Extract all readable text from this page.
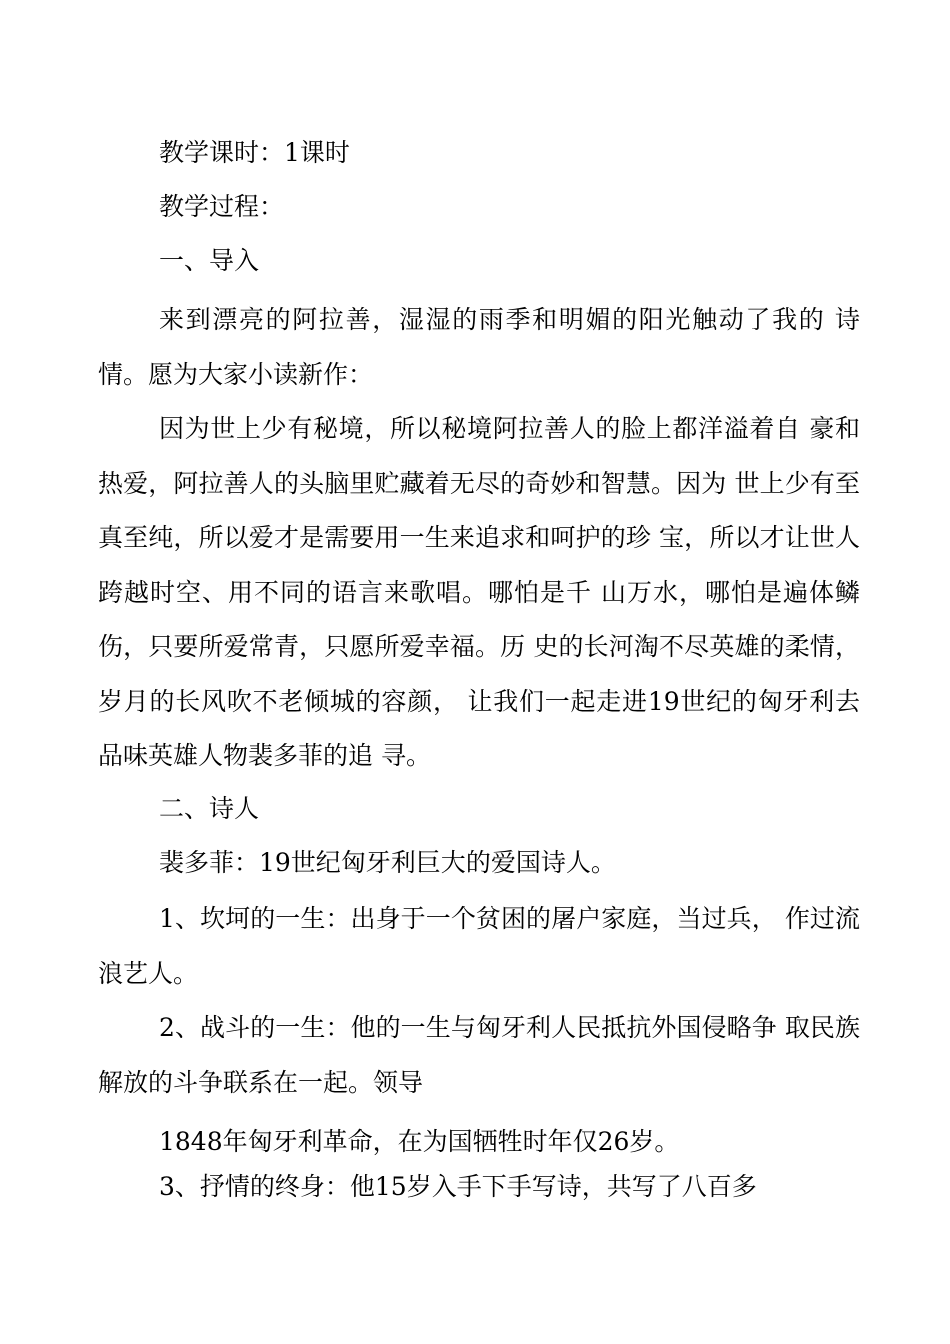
教学课时：1课时

教学过程：

一、导入

来到漂亮的阿拉善，湿湿的雨季和明媚的阳光触动了我的 诗情。愿为大家小读新作：

因为世上少有秘境，所以秘境阿拉善人的脸上都洋溢着自 豪和热爱，阿拉善人的头脑里贮藏着无尽的奇妙和智慧。因为 世上少有至真至纯，所以爱才是需要用一生来追求和呵护的珍 宝，所以才让世人跨越时空、用不同的语言来歌唱。哪怕是千 山万水，哪怕是遍体鳞伤，只要所爱常青，只愿所爱幸福。历 史的长河淘不尽英雄的柔情，岁月的长风吹不老倾城的容颜， 让我们一起走进19世纪的匈牙利去品味英雄人物裴多菲的追 寻。

二、诗人

裴多菲：19世纪匈牙利巨大的爱国诗人。

1、坎坷的一生：出身于一个贫困的屠户家庭，当过兵， 作过流浪艺人。

2、战斗的一生：他的一生与匈牙利人民抵抗外国侵略争 取民族解放的斗争联系在一起。领导

1848年匈牙利革命，在为国牺牲时年仅26岁。

3、抒情的终身：他15岁入手下手写诗，共写了八百多
